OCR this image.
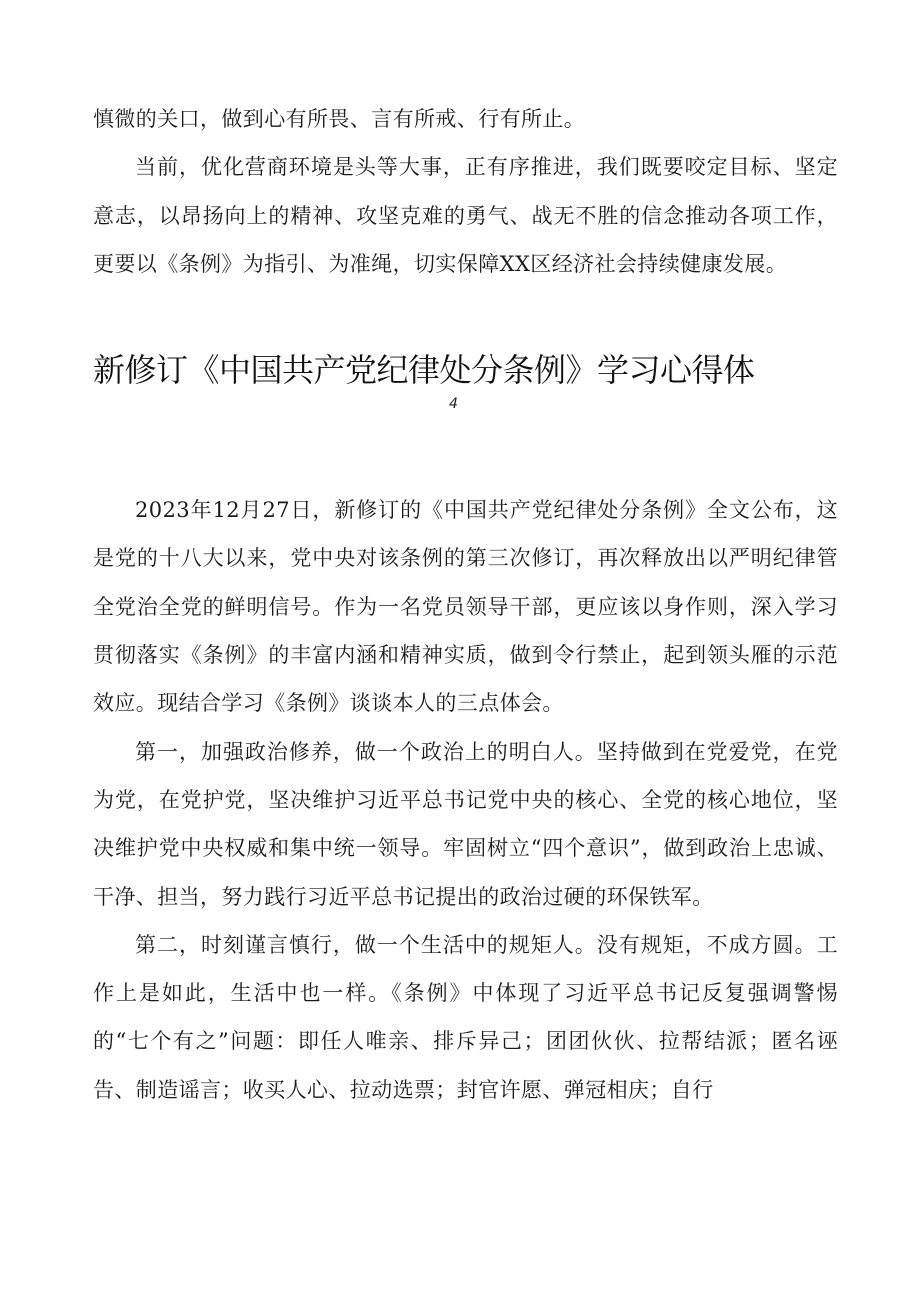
慎微的关口，做到心有所畏、言有所戒、行有所止。

当前，优化营商环境是头等大事，正有序推进，我们既要咬定目标、坚定意志，以昂扬向上的精神、攻坚克难的勇气、战无不胜的信念推动各项工作，更要以《条例》为指引、为准绳，切实保障XX区经济社会持续健康发展。

新修订《中国共产党纪律处分条例》学习心得体
4

2023年12月27日，新修订的《中国共产党纪律处分条例》全文公布，这是党的十八大以来，党中央对该条例的第三次修订，再次释放出以严明纪律管全党治全党的鲜明信号。作为一名党员领导干部，更应该以身作则，深入学习贯彻落实《条例》的丰富内涵和精神实质，做到令行禁止，起到领头雁的示范效应。现结合学习《条例》谈谈本人的三点体会。

第一，加强政治修养，做一个政治上的明白人。坚持做到在党爱党，在党为党，在党护党，坚决维护习近平总书记党中央的核心、全党的核心地位，坚决维护党中央权威和集中统一领导。牢固树立“四个意识”，做到政治上忠诚、干净、担当，努力践行习近平总书记提出的政治过硬的环保铁军。

第二，时刻谨言慎行，做一个生活中的规矩人。没有规矩，不成方圆。工作上是如此，生活中也一样。《条例》中体现了习近平总书记反复强调警惕的“七个有之”问题：即任人唯亲、排斥异己；团团伙伙、拉帮结派；匿名诬告、制造谣言；收买人心、拉动选票；封官许愿、弹冠相庆；自行
